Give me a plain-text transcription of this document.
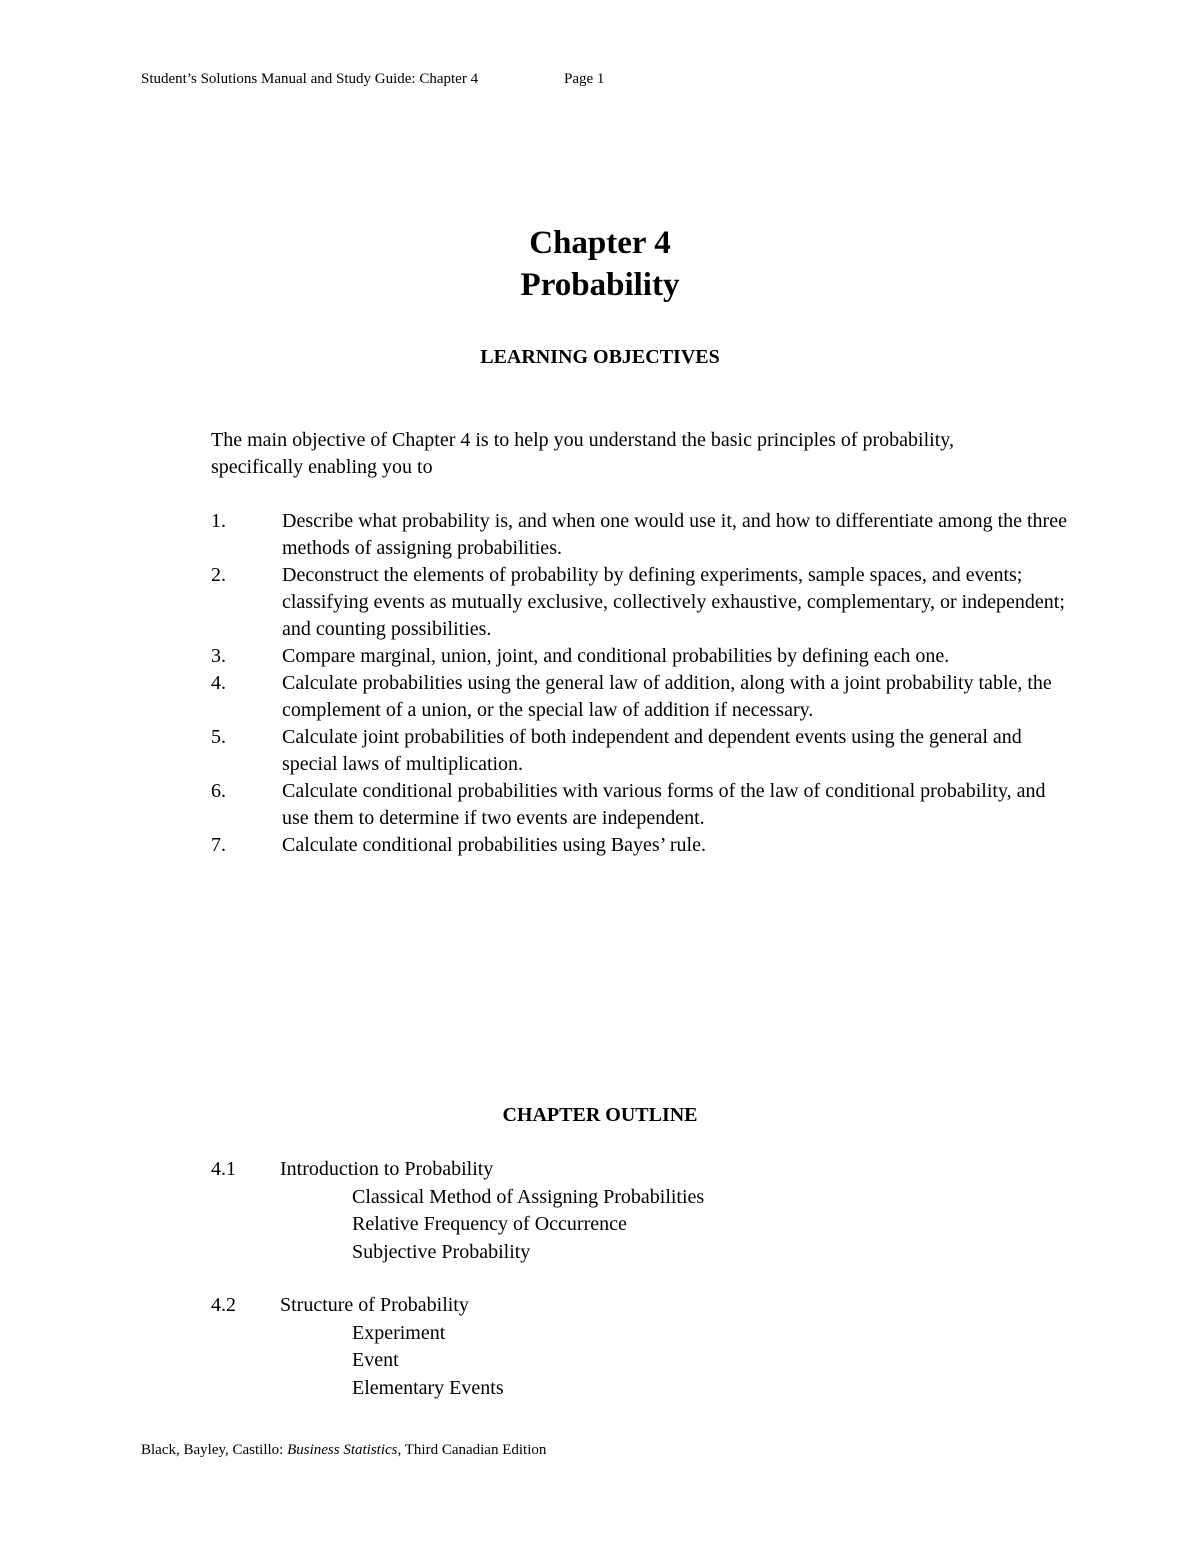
Student’s Solutions Manual and Study Guide: Chapter 4	Page 1
Chapter 4
Probability
LEARNING OBJECTIVES
The main objective of Chapter 4 is to help you understand the basic principles of probability, specifically enabling you to
1.	Describe what probability is, and when one would use it, and how to differentiate among the three methods of assigning probabilities.
2.	Deconstruct the elements of probability by defining experiments, sample spaces, and events; classifying events as mutually exclusive, collectively exhaustive, complementary, or independent; and counting possibilities.
3.	Compare marginal, union, joint, and conditional probabilities by defining each one.
4.	Calculate probabilities using the general law of addition, along with a joint probability table, the complement of a union, or the special law of addition if necessary.
5.	Calculate joint probabilities of both independent and dependent events using the general and special laws of multiplication.
6.	Calculate conditional probabilities with various forms of the law of conditional probability, and use them to determine if two events are independent.
7.	Calculate conditional probabilities using Bayes’ rule.
CHAPTER OUTLINE
4.1 Introduction to Probability
Classical Method of Assigning Probabilities
Relative Frequency of Occurrence
Subjective Probability
4.2 Structure of Probability
Experiment
Event
Elementary Events
Black, Bayley, Castillo: Business Statistics, Third Canadian Edition
